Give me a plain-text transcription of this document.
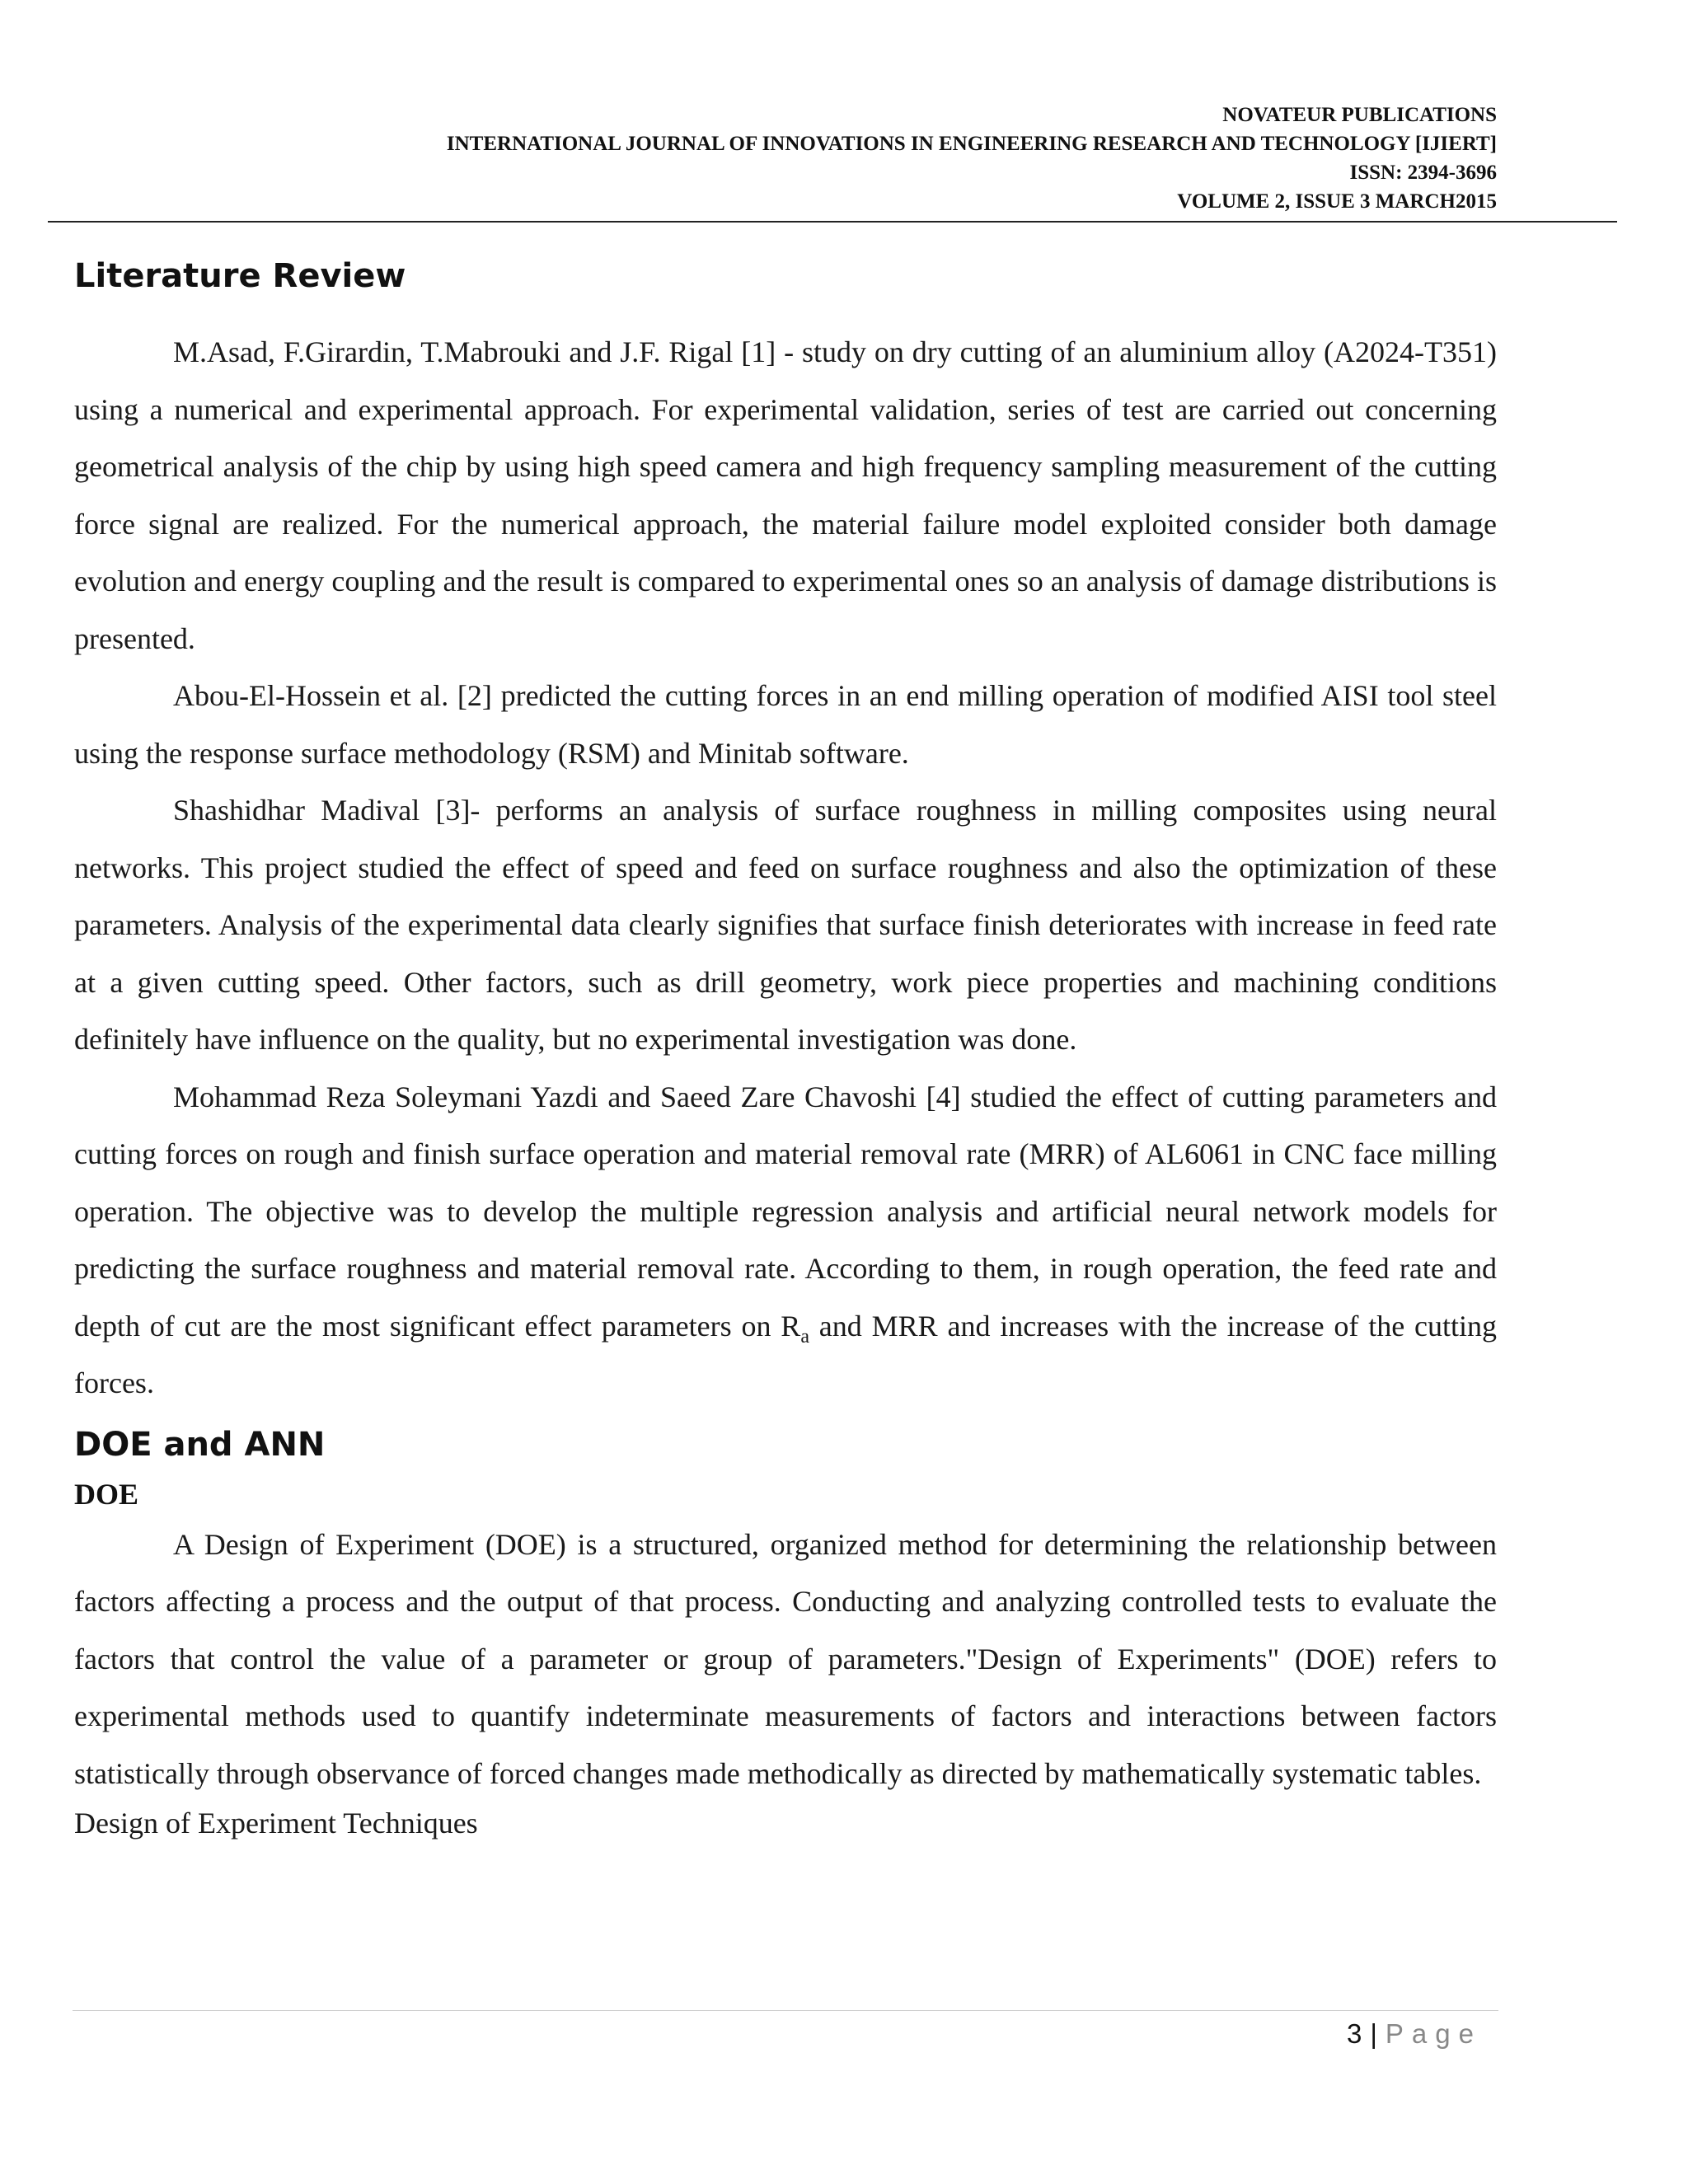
NOVATEUR PUBLICATIONS
INTERNATIONAL JOURNAL OF INNOVATIONS IN ENGINEERING RESEARCH AND TECHNOLOGY [IJIERT]
ISSN: 2394-3696
VOLUME 2, ISSUE 3 MARCH2015
Literature Review

M.Asad, F.Girardin, T.Mabrouki and J.F. Rigal [1] - study on dry cutting of an aluminium alloy (A2024-T351) using a numerical and experimental approach. For experimental validation, series of test are carried out concerning geometrical analysis of the chip by using high speed camera and high frequency sampling measurement of the cutting force signal are realized. For the numerical approach, the material failure model exploited consider both damage evolution and energy coupling and the result is compared to experimental ones so an analysis of damage distributions is presented.

Abou-El-Hossein et al. [2] predicted the cutting forces in an end milling operation of modified AISI tool steel using the response surface methodology (RSM) and Minitab software.

Shashidhar Madival [3]- performs an analysis of surface roughness in milling composites using neural networks. This project studied the effect of speed and feed on surface roughness and also the optimization of these parameters. Analysis of the experimental data clearly signifies that surface finish deteriorates with increase in feed rate at a given cutting speed. Other factors, such as drill geometry, work piece properties and machining conditions definitely have influence on the quality, but no experimental investigation was done.

Mohammad Reza Soleymani Yazdi and Saeed Zare Chavoshi [4] studied the effect of cutting parameters and cutting forces on rough and finish surface operation and material removal rate (MRR) of AL6061 in CNC face milling operation. The objective was to develop the multiple regression analysis and artificial neural network models for predicting the surface roughness and material removal rate. According to them, in rough operation, the feed rate and depth of cut are the most significant effect parameters on $R_a$ and MRR and increases with the increase of the cutting forces.

DOE and ANN
DOE

A Design of Experiment (DOE) is a structured, organized method for determining the relationship between factors affecting a process and the output of that process. Conducting and analyzing controlled tests to evaluate the factors that control the value of a parameter or group of parameters."Design of Experiments" (DOE) refers to experimental methods used to quantify indeterminate measurements of factors and interactions between factors statistically through observance of forced changes made methodically as directed by mathematically systematic tables.

Design of Experiment Techniques

3 | Page
